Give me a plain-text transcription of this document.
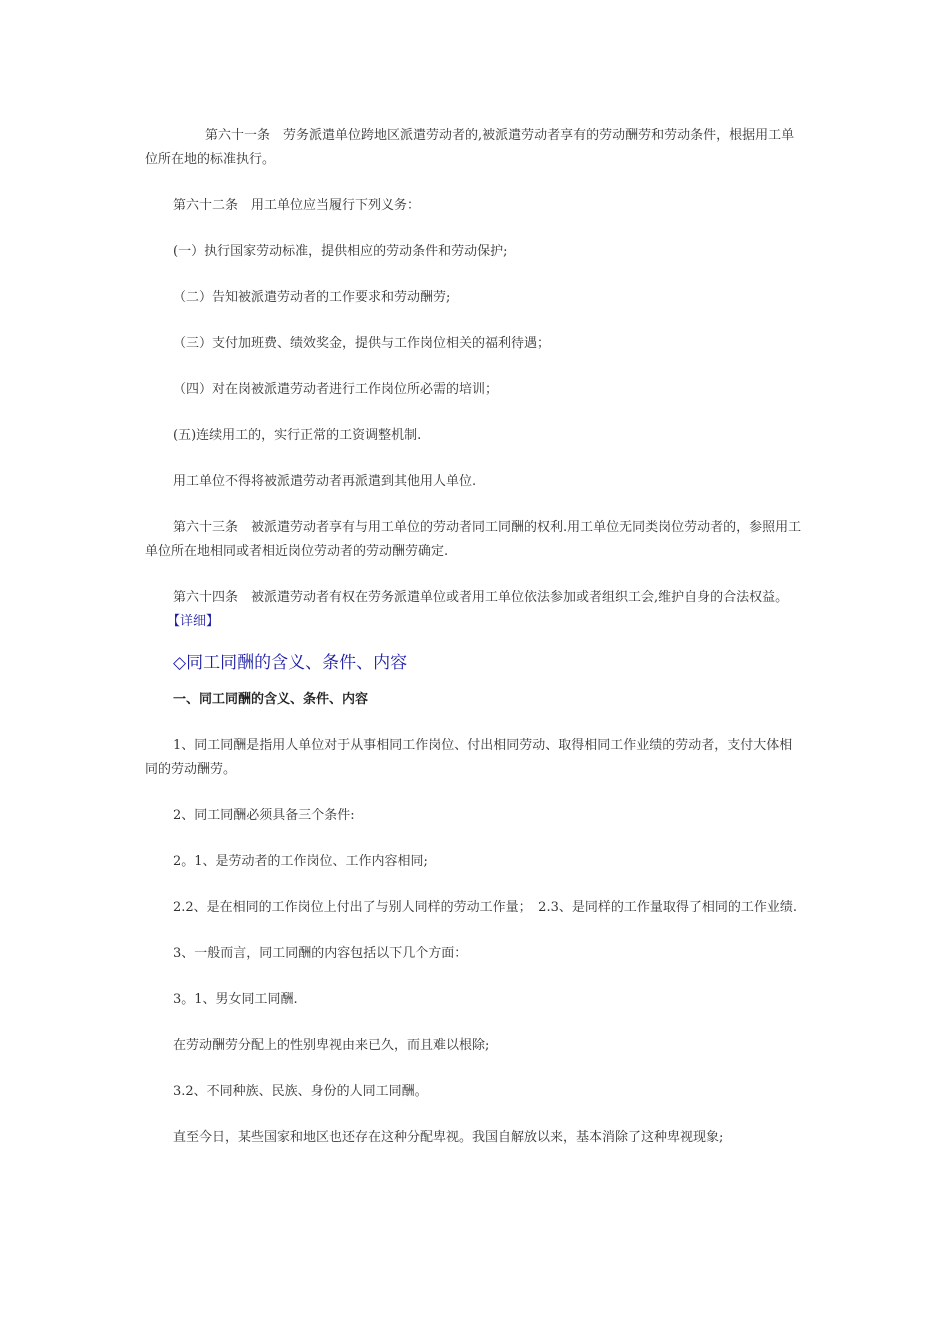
第六十一条　劳务派遣单位跨地区派遣劳动者的,被派遣劳动者享有的劳动酬劳和劳动条件，根据用工单位所在地的标准执行。

第六十二条　用工单位应当履行下列义务：

(一）执行国家劳动标准，提供相应的劳动条件和劳动保护;

（二）告知被派遣劳动者的工作要求和劳动酬劳;

（三）支付加班费、绩效奖金，提供与工作岗位相关的福利待遇；

（四）对在岗被派遣劳动者进行工作岗位所必需的培训；

(五)连续用工的，实行正常的工资调整机制.

用工单位不得将被派遣劳动者再派遣到其他用人单位.

第六十三条　被派遣劳动者享有与用工单位的劳动者同工同酬的权利.用工单位无同类岗位劳动者的，参照用工单位所在地相同或者相近岗位劳动者的劳动酬劳确定.

第六十四条　被派遣劳动者有权在劳务派遣单位或者用工单位依法参加或者组织工会,维护自身的合法权益。【详细】

◇同工同酬的含义、条件、内容
一、同工同酬的含义、条件、内容

1、同工同酬是指用人单位对于从事相同工作岗位、付出相同劳动、取得相同工作业绩的劳动者，支付大体相同的劳动酬劳。

2、同工同酬必须具备三个条件:

2。1、是劳动者的工作岗位、工作内容相同;

2.2、是在相同的工作岗位上付出了与别人同样的劳动工作量；　2.3、是同样的工作量取得了相同的工作业绩.

3、一般而言，同工同酬的内容包括以下几个方面：

3。1、男女同工同酬.

在劳动酬劳分配上的性别卑视由来已久，而且难以根除;

3.2、不同种族、民族、身份的人同工同酬。

直至今日，某些国家和地区也还存在这种分配卑视。我国自解放以来，基本消除了这种卑视现象;
